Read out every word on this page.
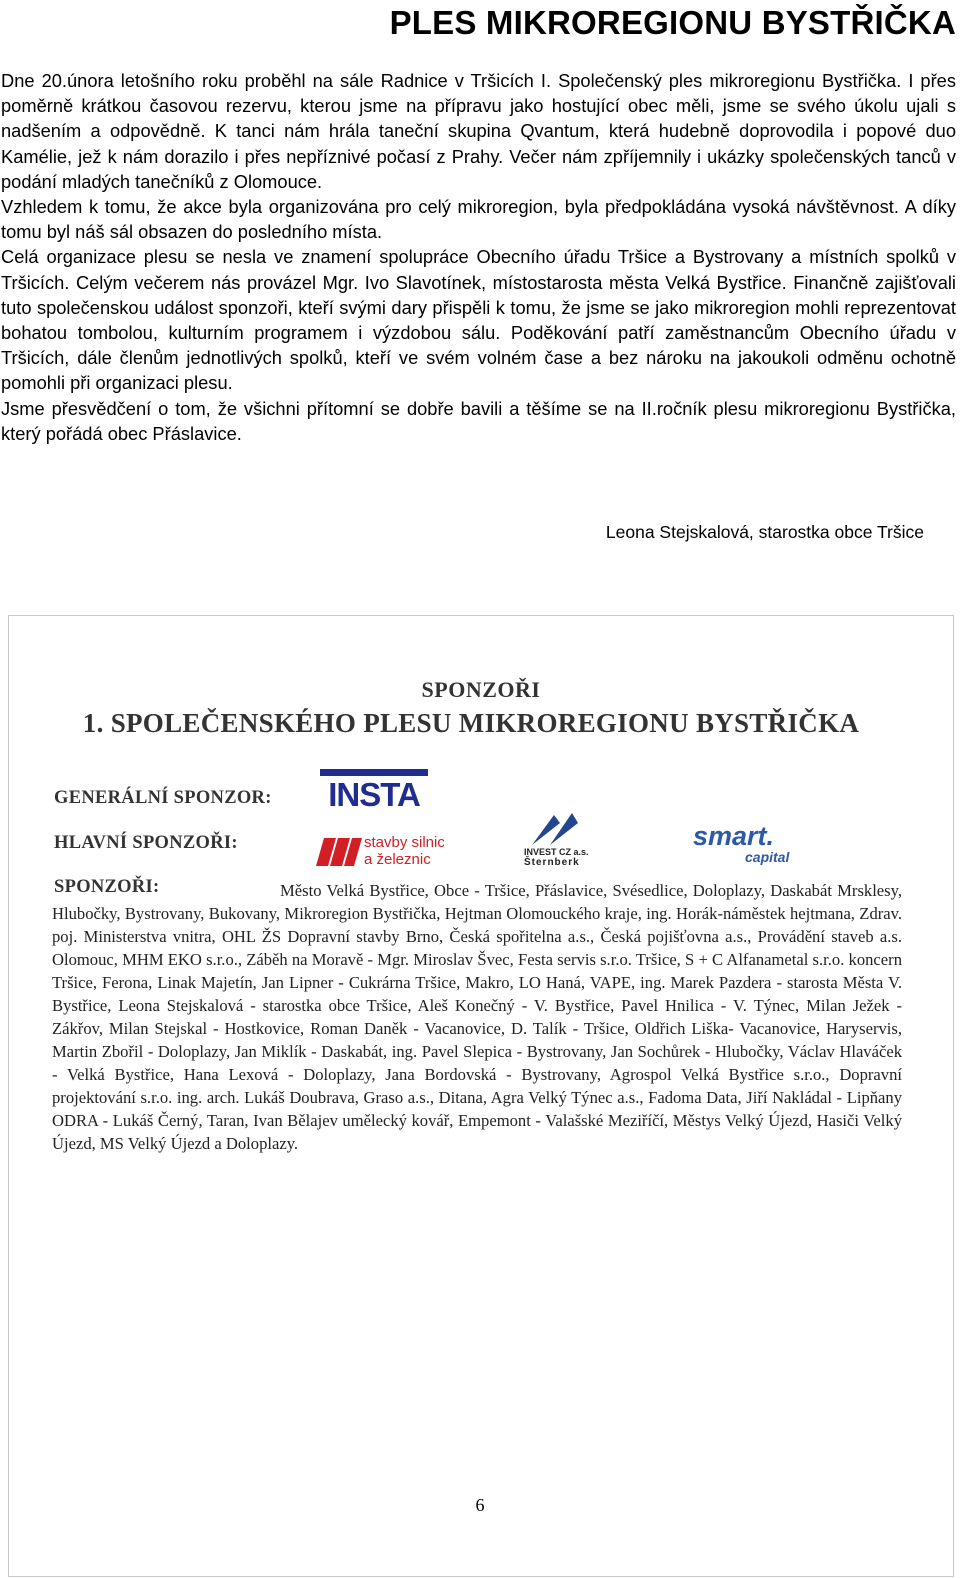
PLES MIKROREGIONU BYSTŘIČKA

Dne 20.února letošního roku proběhl na sále Radnice v Tršicích I. Společenský ples mikroregionu Bystřička. I přes poměrně krátkou časovou rezervu, kterou jsme na přípravu jako hostující obec měli, jsme se svého úkolu ujali s nadšením a odpovědně. K tanci nám hrála taneční skupina Qvantum, která hudebně doprovodila i popové duo Kamélie, jež k nám dorazilo i přes nepříznivé počasí z Prahy. Večer nám zpříjemnily i ukázky společenských tanců v podání mladých tanečníků z Olomouce.

Vzhledem k tomu, že akce byla organizována pro celý mikroregion, byla předpokládána vysoká návštěvnost. A díky tomu byl náš sál obsazen do posledního místa.

Celá organizace plesu se nesla ve znamení spolupráce Obecního úřadu Tršice a Bystrovany a místních spolků v Tršicích. Celým večerem nás provázel Mgr. Ivo Slavotínek, místostarosta města Velká Bystřice. Finančně zajišťovali tuto společenskou událost sponzoři, kteří svými dary přispěli k tomu, že jsme se jako mikroregion mohli reprezentovat bohatou tombolou, kulturním programem i výzdobou sálu. Poděkování patří zaměstnancům Obecního úřadu v Tršicích, dále členům jednotlivých spolků, kteří ve svém volném čase a bez nároku na jakoukoli odměnu ochotně pomohli při organizaci plesu.

Jsme přesvědčení o tom, že všichni přítomní se dobře bavili a těšíme se na II.ročník plesu mikroregionu Bystřička, který pořádá obec Přáslavice.

Leona Stejskalová, starostka obce Tršice
SPONZOŘI
1. SPOLEČENSKÉHO PLESU MIKROREGIONU BYSTŘIČKA
GENERÁLNÍ SPONZOR:
HLAVNÍ SPONZOŘI:
SPONZOŘI:
INSTA
stavby silnic
a železnic	INVEST CZ a.s.
Šternberk
smart.
capital
Město Velká Bystřice, Obce - Tršice, Přáslavice, Svésedlice, Doloplazy, Daskabát Mrsklesy, Hlubočky, Bystrovany, Bukovany, Mikroregion Bystřička, Hejtman Olomouckého kraje, ing. Horák-náměstek hejtmana, Zdrav. poj. Ministerstva vnitra, OHL ŽS Dopravní stavby Brno, Česká spořitelna a.s., Česká pojišťovna a.s., Provádění staveb a.s. Olomouc, MHM EKO s.r.o., Záběh na Moravě - Mgr. Miroslav Švec, Festa servis s.r.o. Tršice, S + C Alfanametal s.r.o. koncern Tršice, Ferona, Linak Majetín, Jan Lipner - Cukrárna Tršice, Makro, LO Haná, VAPE, ing. Marek Pazdera - starosta Města V. Bystřice, Leona Stejskalová - starostka obce Tršice, Aleš Konečný - V. Bystřice, Pavel Hnilica - V. Týnec, Milan Ježek - Zákřov, Milan Stejskal - Hostkovice, Roman Daněk - Vacanovice, D. Talík - Tršice, Oldřich Liška- Vacanovice, Haryservis, Martin Zbořil - Doloplazy, Jan Miklík - Daskabát, ing. Pavel Slepica - Bystrovany, Jan Sochůrek - Hlubočky, Václav Hlaváček - Velká Bystřice, Hana Lexová - Doloplazy, Jana Bordovská - Bystrovany, Agrospol Velká Bystřice s.r.o., Dopravní projektování s.r.o. ing. arch. Lukáš Doubrava, Graso a.s., Ditana, Agra Velký Týnec a.s., Fadoma Data, Jiří Nakládal - Lipňany ODRA - Lukáš Černý, Taran, Ivan Bělajev umělecký kovář, Empemont - Valašské Meziříčí, Městys Velký Újezd, Hasiči Velký Újezd, MS Velký Újezd a Doloplazy.
6
